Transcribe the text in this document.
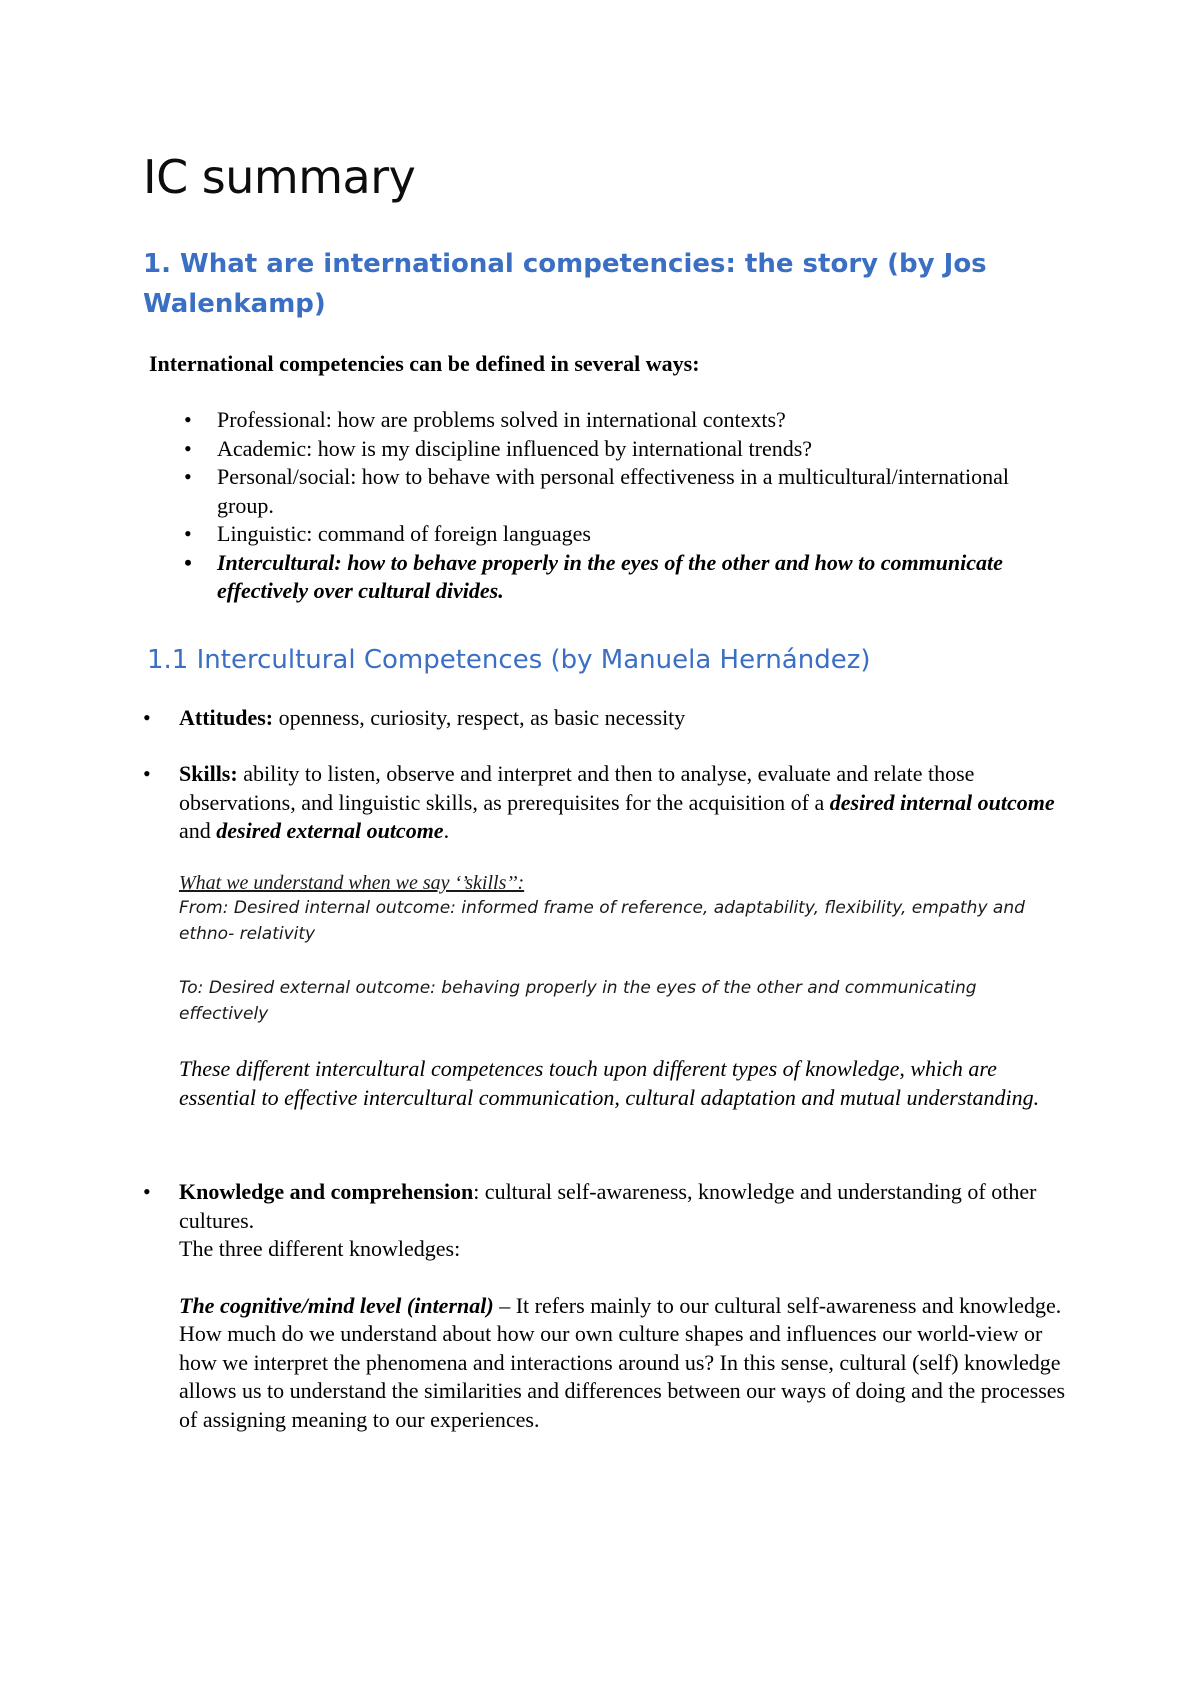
IC summary
1. What are international competencies: the story (by Jos Walenkamp)
International competencies can be defined in several ways:
• Professional: how are problems solved in international contexts?
• Academic: how is my discipline influenced by international trends?
• Personal/social: how to behave with personal effectiveness in a multicultural/international group.
• Linguistic: command of foreign languages
• Intercultural: how to behave properly in the eyes of the other and how to communicate effectively over cultural divides.
1.1 Intercultural Competences (by Manuela Hernández)
• Attitudes: openness, curiosity, respect, as basic necessity
• Skills: ability to listen, observe and interpret and then to analyse, evaluate and relate those observations, and linguistic skills, as prerequisites for the acquisition of a desired internal outcome and desired external outcome.
What we understand when we say ‘’skills’’:
From: Desired internal outcome: informed frame of reference, adaptability, flexibility, empathy and ethno- relativity
To: Desired external outcome: behaving properly in the eyes of the other and communicating effectively
These different intercultural competences touch upon different types of knowledge, which are essential to effective intercultural communication, cultural adaptation and mutual understanding.
• Knowledge and comprehension: cultural self-awareness, knowledge and understanding of other cultures.
The three different knowledges:
The cognitive/mind level (internal) – It refers mainly to our cultural self-awareness and knowledge. How much do we understand about how our own culture shapes and influences our world-view or how we interpret the phenomena and interactions around us? In this sense, cultural (self) knowledge allows us to understand the similarities and differences between our ways of doing and the processes of assigning meaning to our experiences.
